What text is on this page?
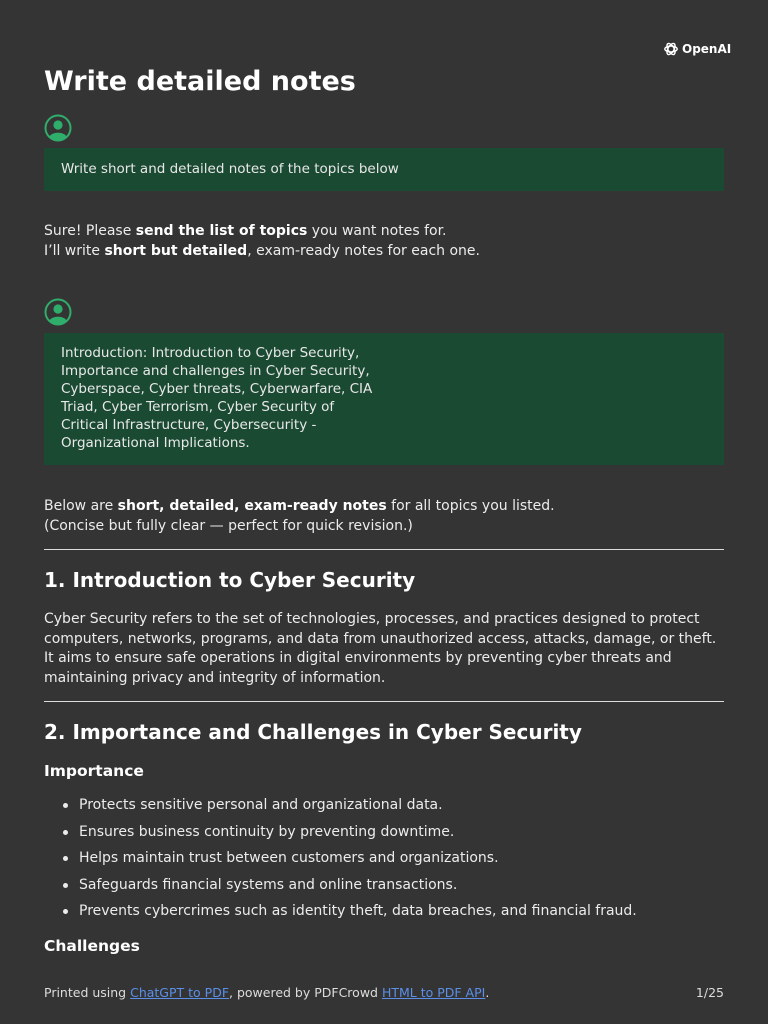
OpenAI
Write detailed notes
Write short and detailed notes of the topics below

Sure! Please send the list of topics you want notes for.
I’ll write short but detailed, exam-ready notes for each one.

Introduction: Introduction to Cyber Security, Importance and challenges in Cyber Security, Cyberspace, Cyber threats, Cyberwarfare, CIA Triad, Cyber Terrorism, Cyber Security of Critical Infrastructure, Cybersecurity - Organizational Implications.

Below are short, detailed, exam-ready notes for all topics you listed.
(Concise but fully clear — perfect for quick revision.)

1. Introduction to Cyber Security

Cyber Security refers to the set of technologies, processes, and practices designed to protect computers, networks, programs, and data from unauthorized access, attacks, damage, or theft.
It aims to ensure safe operations in digital environments by preventing cyber threats and maintaining privacy and integrity of information.

2. Importance and Challenges in Cyber Security
Importance
Protects sensitive personal and organizational data.
Ensures business continuity by preventing downtime.
Helps maintain trust between customers and organizations.
Safeguards financial systems and online transactions.
Prevents cybercrimes such as identity theft, data breaches, and financial fraud.
Challenges
Printed using ChatGPT to PDF, powered by PDFCrowd HTML to PDF API.	1/25
